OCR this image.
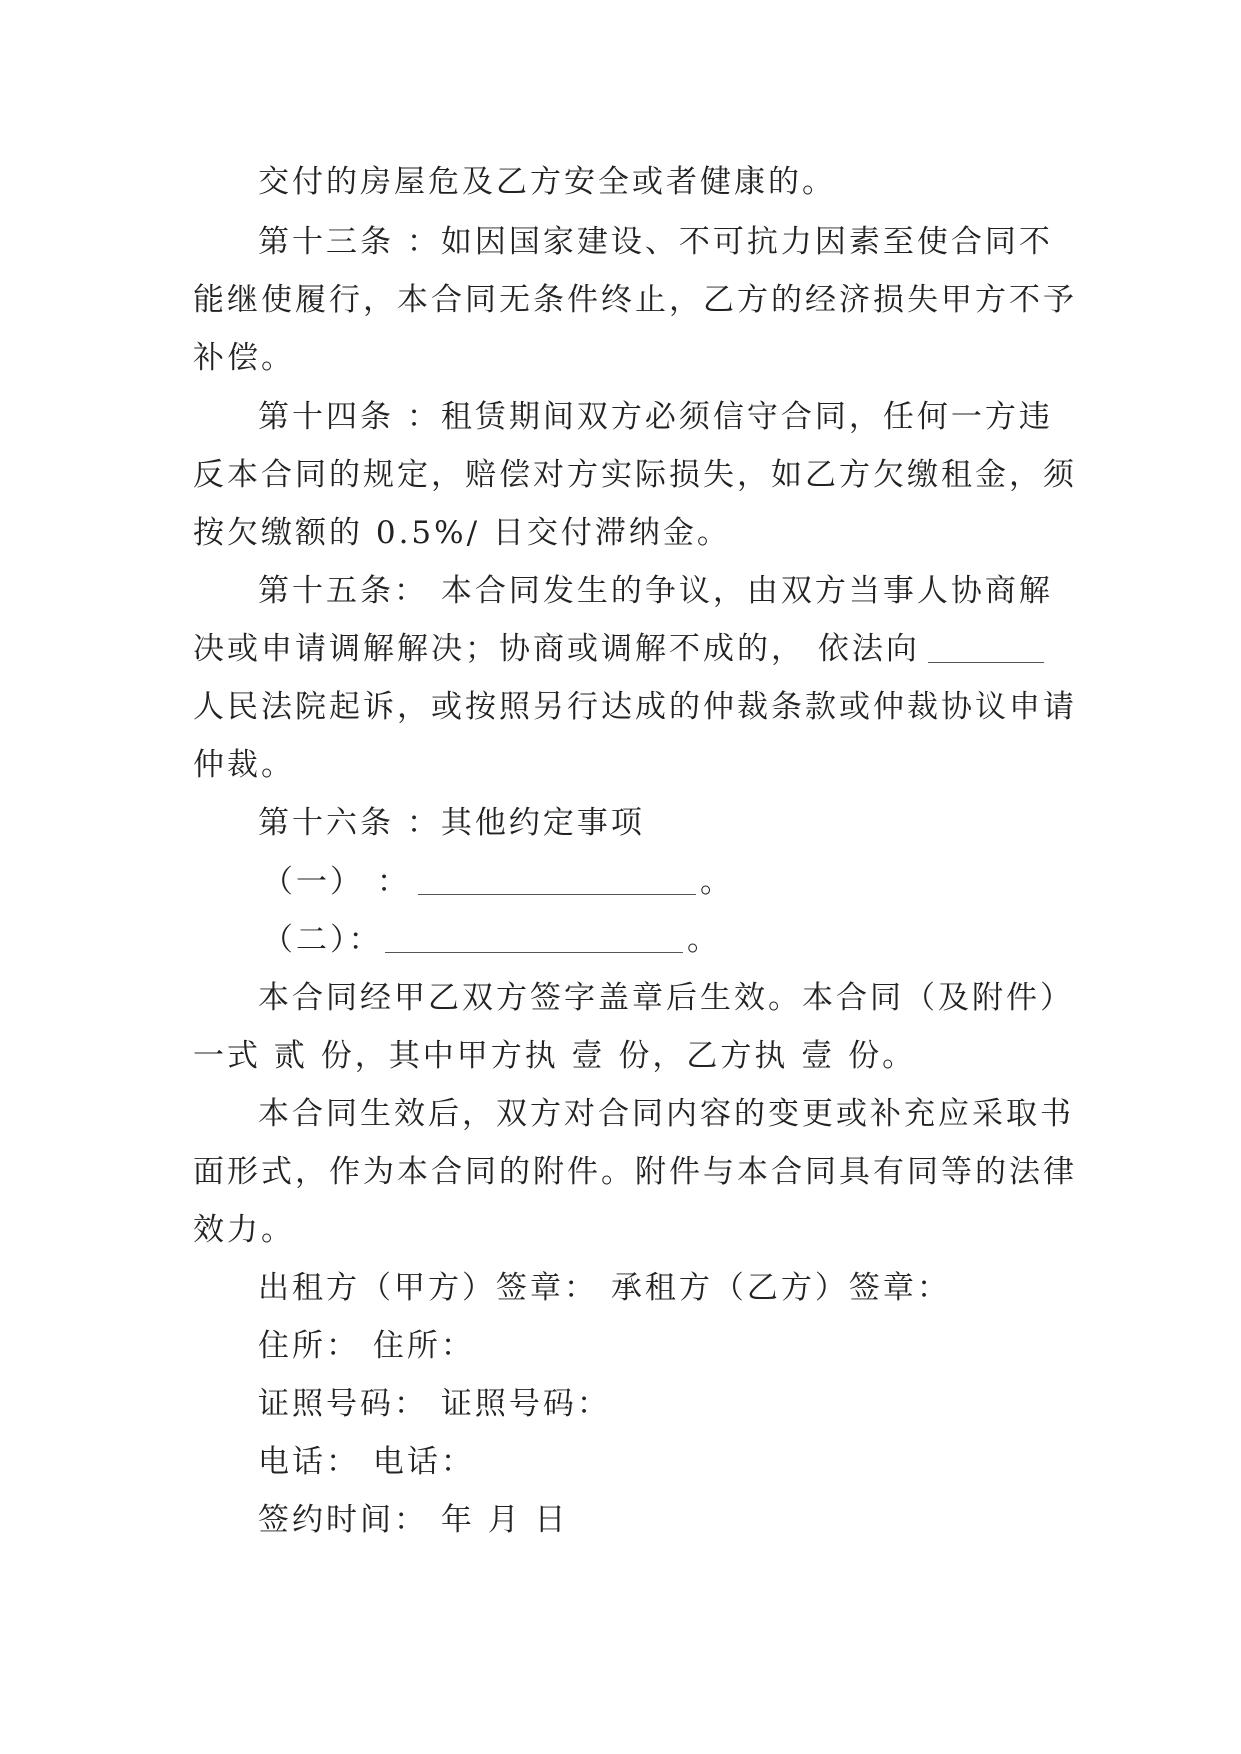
交付的房屋危及乙方安全或者健康的。
第十三条 ：如因国家建设、不可抗力因素至使合同不
能继使履行，本合同无条件终止，乙方的经济损失甲方不予
补偿。
第十四条 ：租赁期间双方必须信守合同，任何一方违
反本合同的规定，赔偿对方实际损失，如乙方欠缴租金，须
按欠缴额的 0.5%/ 日交付滞纳金。
第十五条： 本合同发生的争议，由双方当事人协商解
决或申请调解解决；协商或调解不成的， 依法向
人民法院起诉，或按照另行达成的仲裁条款或仲裁协议申请
仲裁。
第十六条 ：其他约定事项
（一） ：	。
（二）：	。
本合同经甲乙双方签字盖章后生效。本合同（及附件）
一式 贰 份，其中甲方执 壹 份，乙方执 壹 份。
本合同生效后，双方对合同内容的变更或补充应采取书
面形式，作为本合同的附件。附件与本合同具有同等的法律
效力。
出租方（甲方）签章： 承租方（乙方）签章：
住所： 住所：
证照号码： 证照号码：
电话： 电话：
签约时间： 年 月 日
